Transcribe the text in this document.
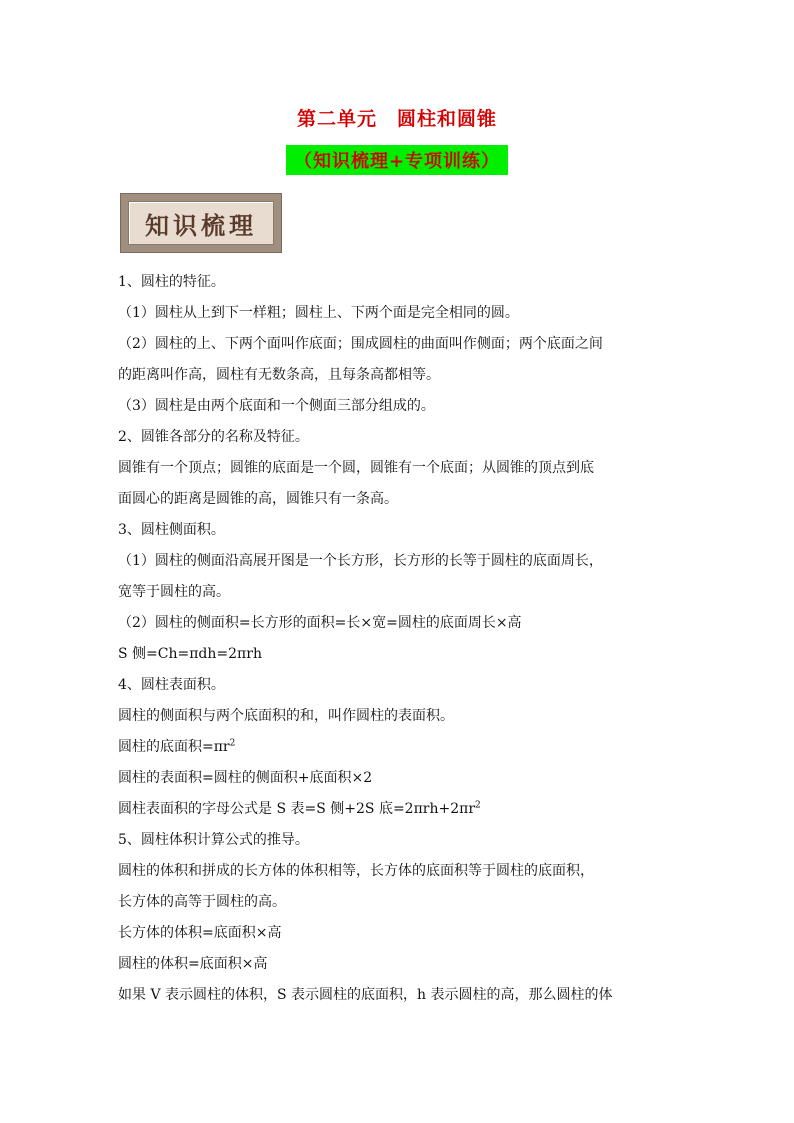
第二单元　圆柱和圆锥
（知识梳理+专项训练）
知识梳理
1、圆柱的特征。
（1）圆柱从上到下一样粗；圆柱上、下两个面是完全相同的圆。
（2）圆柱的上、下两个面叫作底面；围成圆柱的曲面叫作侧面；两个底面之间
的距离叫作高，圆柱有无数条高，且每条高都相等。
（3）圆柱是由两个底面和一个侧面三部分组成的。
2、圆锥各部分的名称及特征。
圆锥有一个顶点；圆锥的底面是一个圆，圆锥有一个底面；从圆锥的顶点到底
面圆心的距离是圆锥的高，圆锥只有一条高。
3、圆柱侧面积。
（1）圆柱的侧面沿高展开图是一个长方形，长方形的长等于圆柱的底面周长，
宽等于圆柱的高。
（2）圆柱的侧面积=长方形的面积=长×宽=圆柱的底面周长×高
S 侧=Ch=πdh=2πrh
4、圆柱表面积。
圆柱的侧面积与两个底面积的和，叫作圆柱的表面积。
圆柱的底面积$=\pi r^2$
圆柱的表面积=圆柱的侧面积+底面积×2
圆柱表面积的字母公式是 S 表=S 侧+2S 底$=2\pi rh+2\pi r^2$
5、圆柱体积计算公式的推导。
圆柱的体积和拼成的长方体的体积相等，长方体的底面积等于圆柱的底面积，
长方体的高等于圆柱的高。
长方体的体积=底面积×高
圆柱的体积=底面积×高
如果 V 表示圆柱的体积，S 表示圆柱的底面积，h 表示圆柱的高，那么圆柱的体
